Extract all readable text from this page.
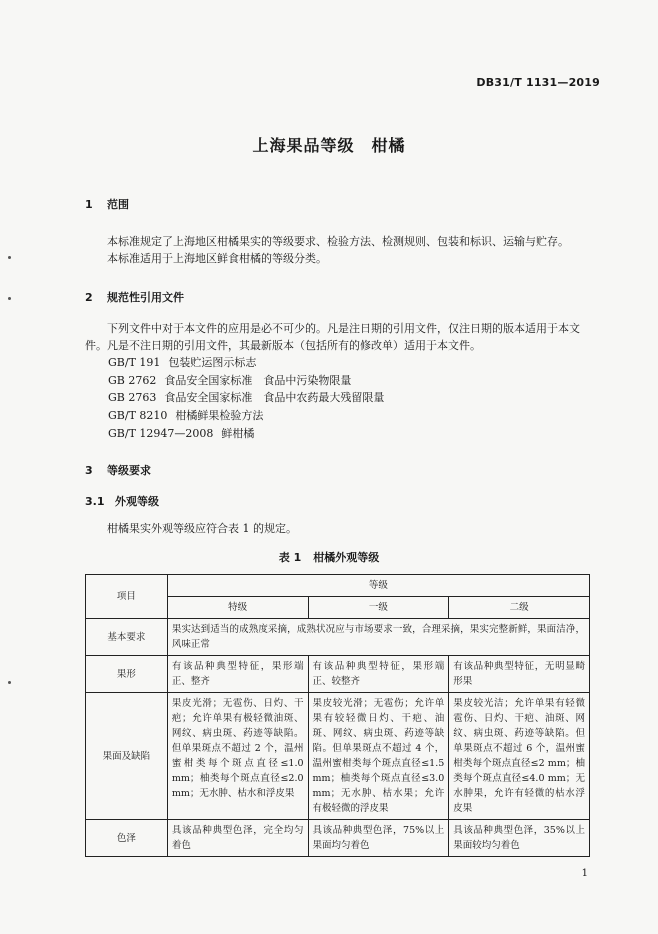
DB31/T 1131—2019
上海果品等级　柑橘
1 范围
本标准规定了上海地区柑橘果实的等级要求、检验方法、检测规则、包装和标识、运输与贮存。
本标准适用于上海地区鲜食柑橘的等级分类。
2 规范性引用文件
下列文件中对于本文件的应用是必不可少的。凡是注日期的引用文件，仅注日期的版本适用于本文件。凡是不注日期的引用文件，其最新版本（包括所有的修改单）适用于本文件。
GB/T 191 包装贮运图示标志
GB 2762 食品安全国家标准　食品中污染物限量
GB 2763 食品安全国家标准　食品中农药最大残留限量
GB/T 8210 柑橘鲜果检验方法
GB/T 12947—2008 鲜柑橘
3 等级要求
3.1 外观等级
柑橘果实外观等级应符合表 1 的规定。
表 1 柑橘外观等级
项目	等级		
	特级	一级	二级
基本要求	果实达到适当的成熟度采摘，成熟状况应与市场要求一致，合理采摘，果实完整新鲜，果面洁净，风味正常		
果形	有该品种典型特征，果形端正、整齐	有该品种典型特征，果形端正、较整齐	有该品种典型特征，无明显畸形果
果面及缺陷	果皮光滑；无雹伤、日灼、干疤；允许单果有极轻微油斑、网纹、病虫斑、药迹等缺陷。但单果斑点不超过 2 个，温州蜜柑类每个斑点直径≤1.0 mm；柚类每个斑点直径≤2.0 mm；无水肿、枯水和浮皮果	果皮较光滑；无雹伤；允许单果有较轻微日灼、干疤、油斑、网纹、病虫斑、药迹等缺陷。但单果斑点不超过 4 个，温州蜜柑类每个斑点直径≤1.5 mm；柚类每个斑点直径≤3.0 mm；无水肿、枯水果；允许有极轻微的浮皮果	果皮较光洁；允许单果有轻微雹伤、日灼、干疤、油斑、网纹、病虫斑、药迹等缺陷。但单果斑点不超过 6 个，温州蜜柑类每个斑点直径≤2 mm；柚类每个斑点直径≤4.0 mm；无水肿果，允许有轻微的枯水浮皮果
色泽	具该品种典型色泽，完全均匀着色	具该品种典型色泽，75%以上果面均匀着色	具该品种典型色泽，35%以上果面较均匀着色
1
